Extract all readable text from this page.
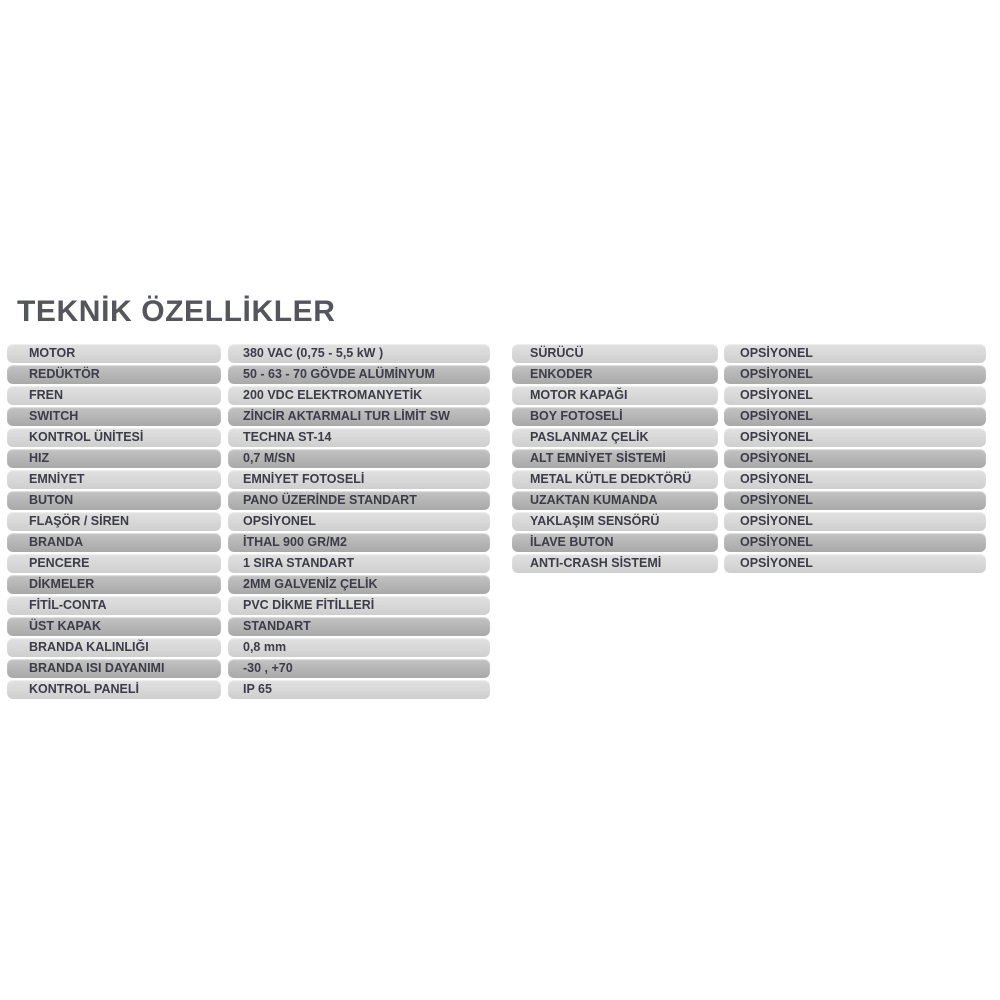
TEKNİK ÖZELLİKLER
MOTOR	380 VAC (0,75 - 5,5 kW )
REDÜKTÖR	50 - 63 - 70 GÖVDE ALÜMİNYUM
FREN	200 VDC ELEKTROMANYETİK
SWITCH	ZİNCİR AKTARMALI TUR LİMİT SW
KONTROL ÜNİTESİ	TECHNA ST-14
HIZ	0,7 M/SN
EMNİYET	EMNİYET FOTOSELİ
BUTON	PANO ÜZERİNDE STANDART
FLAŞÖR / SİREN	OPSİYONEL
BRANDA	İTHAL 900 GR/M2
PENCERE	1 SIRA STANDART
DİKMELER	2MM GALVENİZ ÇELİK
FİTİL-CONTA	PVC DİKME FİTİLLERİ
ÜST KAPAK	STANDART
BRANDA KALINLIĞI	0,8 mm
BRANDA ISI DAYANIMI	-30 , +70
KONTROL PANELİ	IP 65
SÜRÜCÜ	OPSİYONEL
ENKODER	OPSİYONEL
MOTOR KAPAĞI	OPSİYONEL
BOY FOTOSELİ	OPSİYONEL
PASLANMAZ ÇELİK	OPSİYONEL
ALT EMNİYET SİSTEMİ	OPSİYONEL
METAL KÜTLE DEDKTÖRÜ	OPSİYONEL
UZAKTAN KUMANDA	OPSİYONEL
YAKLAŞIM SENSÖRÜ	OPSİYONEL
İLAVE BUTON	OPSİYONEL
ANTI-CRASH SİSTEMİ	OPSİYONEL
